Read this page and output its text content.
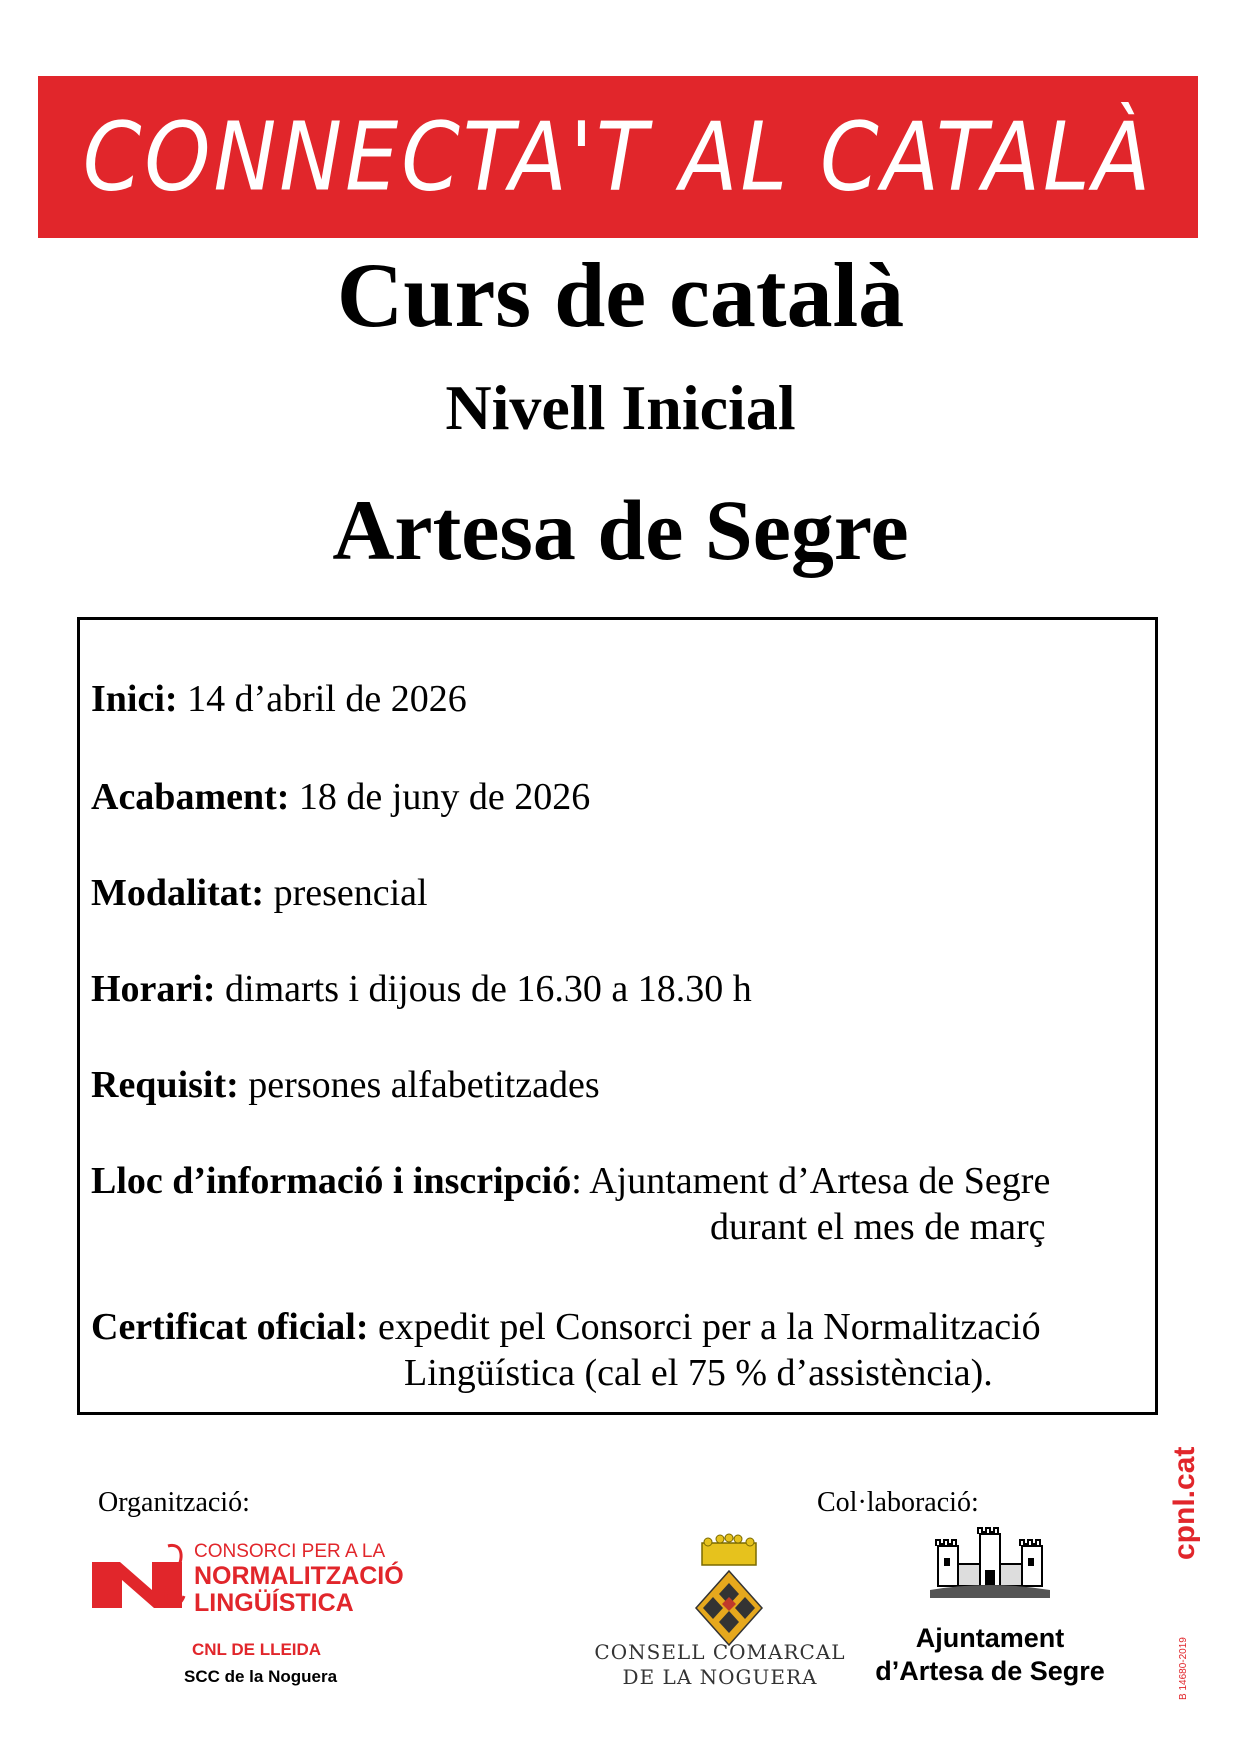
CONNECTA'T AL CATALÀ
Curs de català
Nivell Inicial
Artesa de Segre
Inici: 14 d’abril de 2026
Acabament: 18 de juny de 2026
Modalitat: presencial
Horari: dimarts i dijous de 16.30 a 18.30 h
Requisit: persones alfabetitzades
Lloc d’informació i inscripció: Ajuntament d’Artesa de Segre
durant el mes de març
Certificat oficial: expedit pel Consorci per a la Normalització
Lingüística (cal el 75 % d’assistència).
Organització:	Col·laboració:
CONSORCI PER A LA
NORMALITZACIÓ
LINGÜÍSTICA
CNL DE LLEIDA
SCC de la Noguera
CONSELL COMARCAL
DE LA NOGUERA
Ajuntament
d’Artesa de Segre
cpnl.cat
B 14680-2019
